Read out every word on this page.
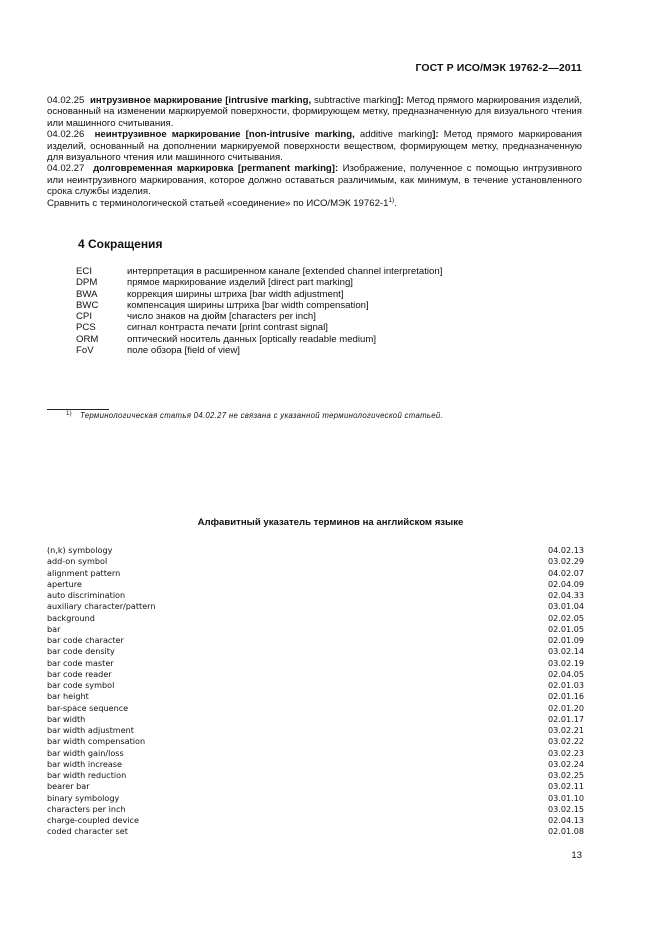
ГОСТ Р ИСО/МЭК 19762-2—2011

04.02.25 интрузивное маркирование [intrusive marking, subtractive marking]: Метод прямого маркирования изделий, основанный на изменении маркируемой поверхности, формирующем метку, предназначенную для визуального чтения или машинного считывания.

04.02.26 неинтрузивное маркирование [non-intrusive marking, additive marking]: Метод прямого маркирования изделий, основанный на дополнении маркируемой поверхности веществом, формирующем метку, предназначенную для визуального чтения или машинного считывания.

04.02.27 долговременная маркировка [permanent marking]: Изображение, полученное с помощью интрузивного или неинтрузивного маркирования, которое должно оставаться различимым, как минимум, в течение установленного срока службы изделия.

Сравнить с терминологической статьей «соединение» по ИСО/МЭК 19762-1$^{1)}$.

4 Сокращения
ECI	интерпретация в расширенном канале [extended channel interpretation]
DPM	прямое маркирование изделий [direct part marking]
BWA	коррекция ширины штриха [bar width adjustment]
BWC	компенсация ширины штриха [bar width compensation]
CPI	число знаков на дюйм [characters per inch]
PCS	сигнал контраста печати [print contrast signal]
ORM	оптический носитель данных [optically readable medium]
FoV	поле обзора [field of view]
$^{1)}$ Терминологическая статья 04.02.27 не связана с указанной терминологической статьей.
Алфавитный указатель терминов на английском языке
(n,k) symbology	04.02.13
add-on symbol	03.02.29
alignment pattern	04.02.07
aperture	02.04.09
auto discrimination	02.04.33
auxiliary character/pattern	03.01.04
background	02.02.05
bar	02.01.05
bar code character	02.01.09
bar code density	03.02.14
bar code master	03.02.19
bar code reader	02.04.05
bar code symbol	02.01.03
bar height	02.01.16
bar-space sequence	02.01.20
bar width	02.01.17
bar width adjustment	03.02.21
bar width compensation	03.02.22
bar width gain/loss	03.02.23
bar width increase	03.02.24
bar width reduction	03.02.25
bearer bar	03.02.11
binary symbology	03.01.10
characters per inch	03.02.15
charge-coupled device	02.04.13
coded character set	02.01.08
13
